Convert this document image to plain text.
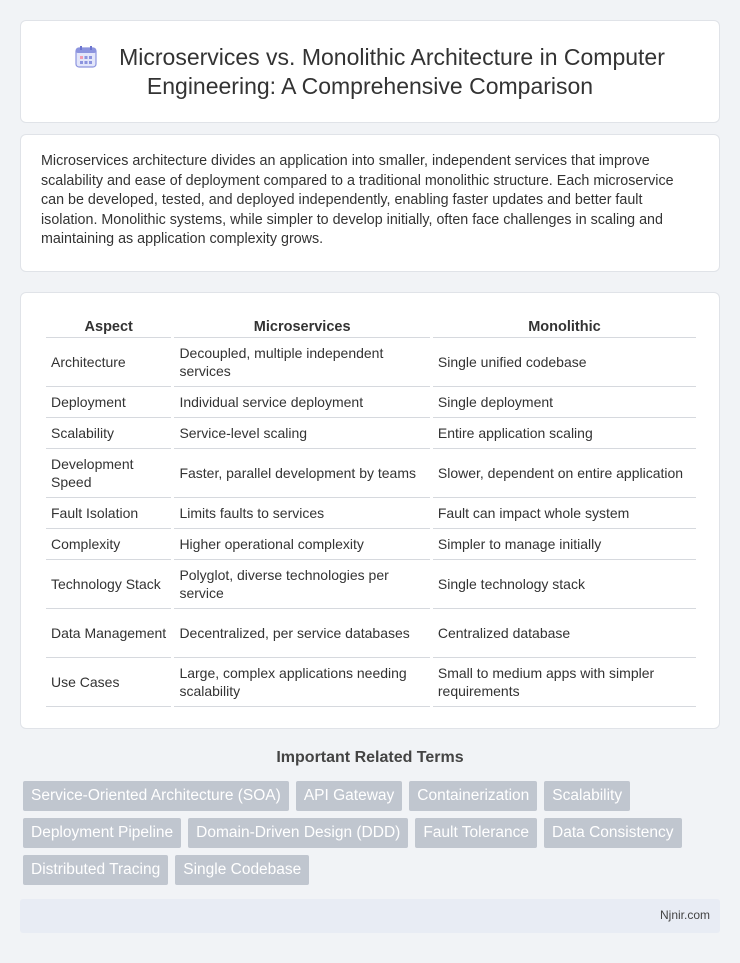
Microservices vs. Monolithic Architecture in Computer Engineering: A Comprehensive Comparison

Microservices architecture divides an application into smaller, independent services that improve scalability and ease of deployment compared to a traditional monolithic structure. Each microservice can be developed, tested, and deployed independently, enabling faster updates and better fault isolation. Monolithic systems, while simpler to develop initially, often face challenges in scaling and maintaining as application complexity grows.

Aspect	Microservices	Monolithic
Architecture	Decoupled, multiple independent services	Single unified codebase
Deployment	Individual service deployment	Single deployment
Scalability	Service-level scaling	Entire application scaling
Development Speed	Faster, parallel development by teams	Slower, dependent on entire application
Fault Isolation	Limits faults to services	Fault can impact whole system
Complexity	Higher operational complexity	Simpler to manage initially
Technology Stack	Polyglot, diverse technologies per service	Single technology stack
Data Management	Decentralized, per service databases	Centralized database
Use Cases	Large, complex applications needing scalability	Small to medium apps with simpler requirements
Important Related Terms
Service-Oriented Architecture (SOA)	API Gateway	Containerization	Scalability
Deployment Pipeline	Domain-Driven Design (DDD)	Fault Tolerance	Data Consistency
Distributed Tracing	Single Codebase
Njnir.com
